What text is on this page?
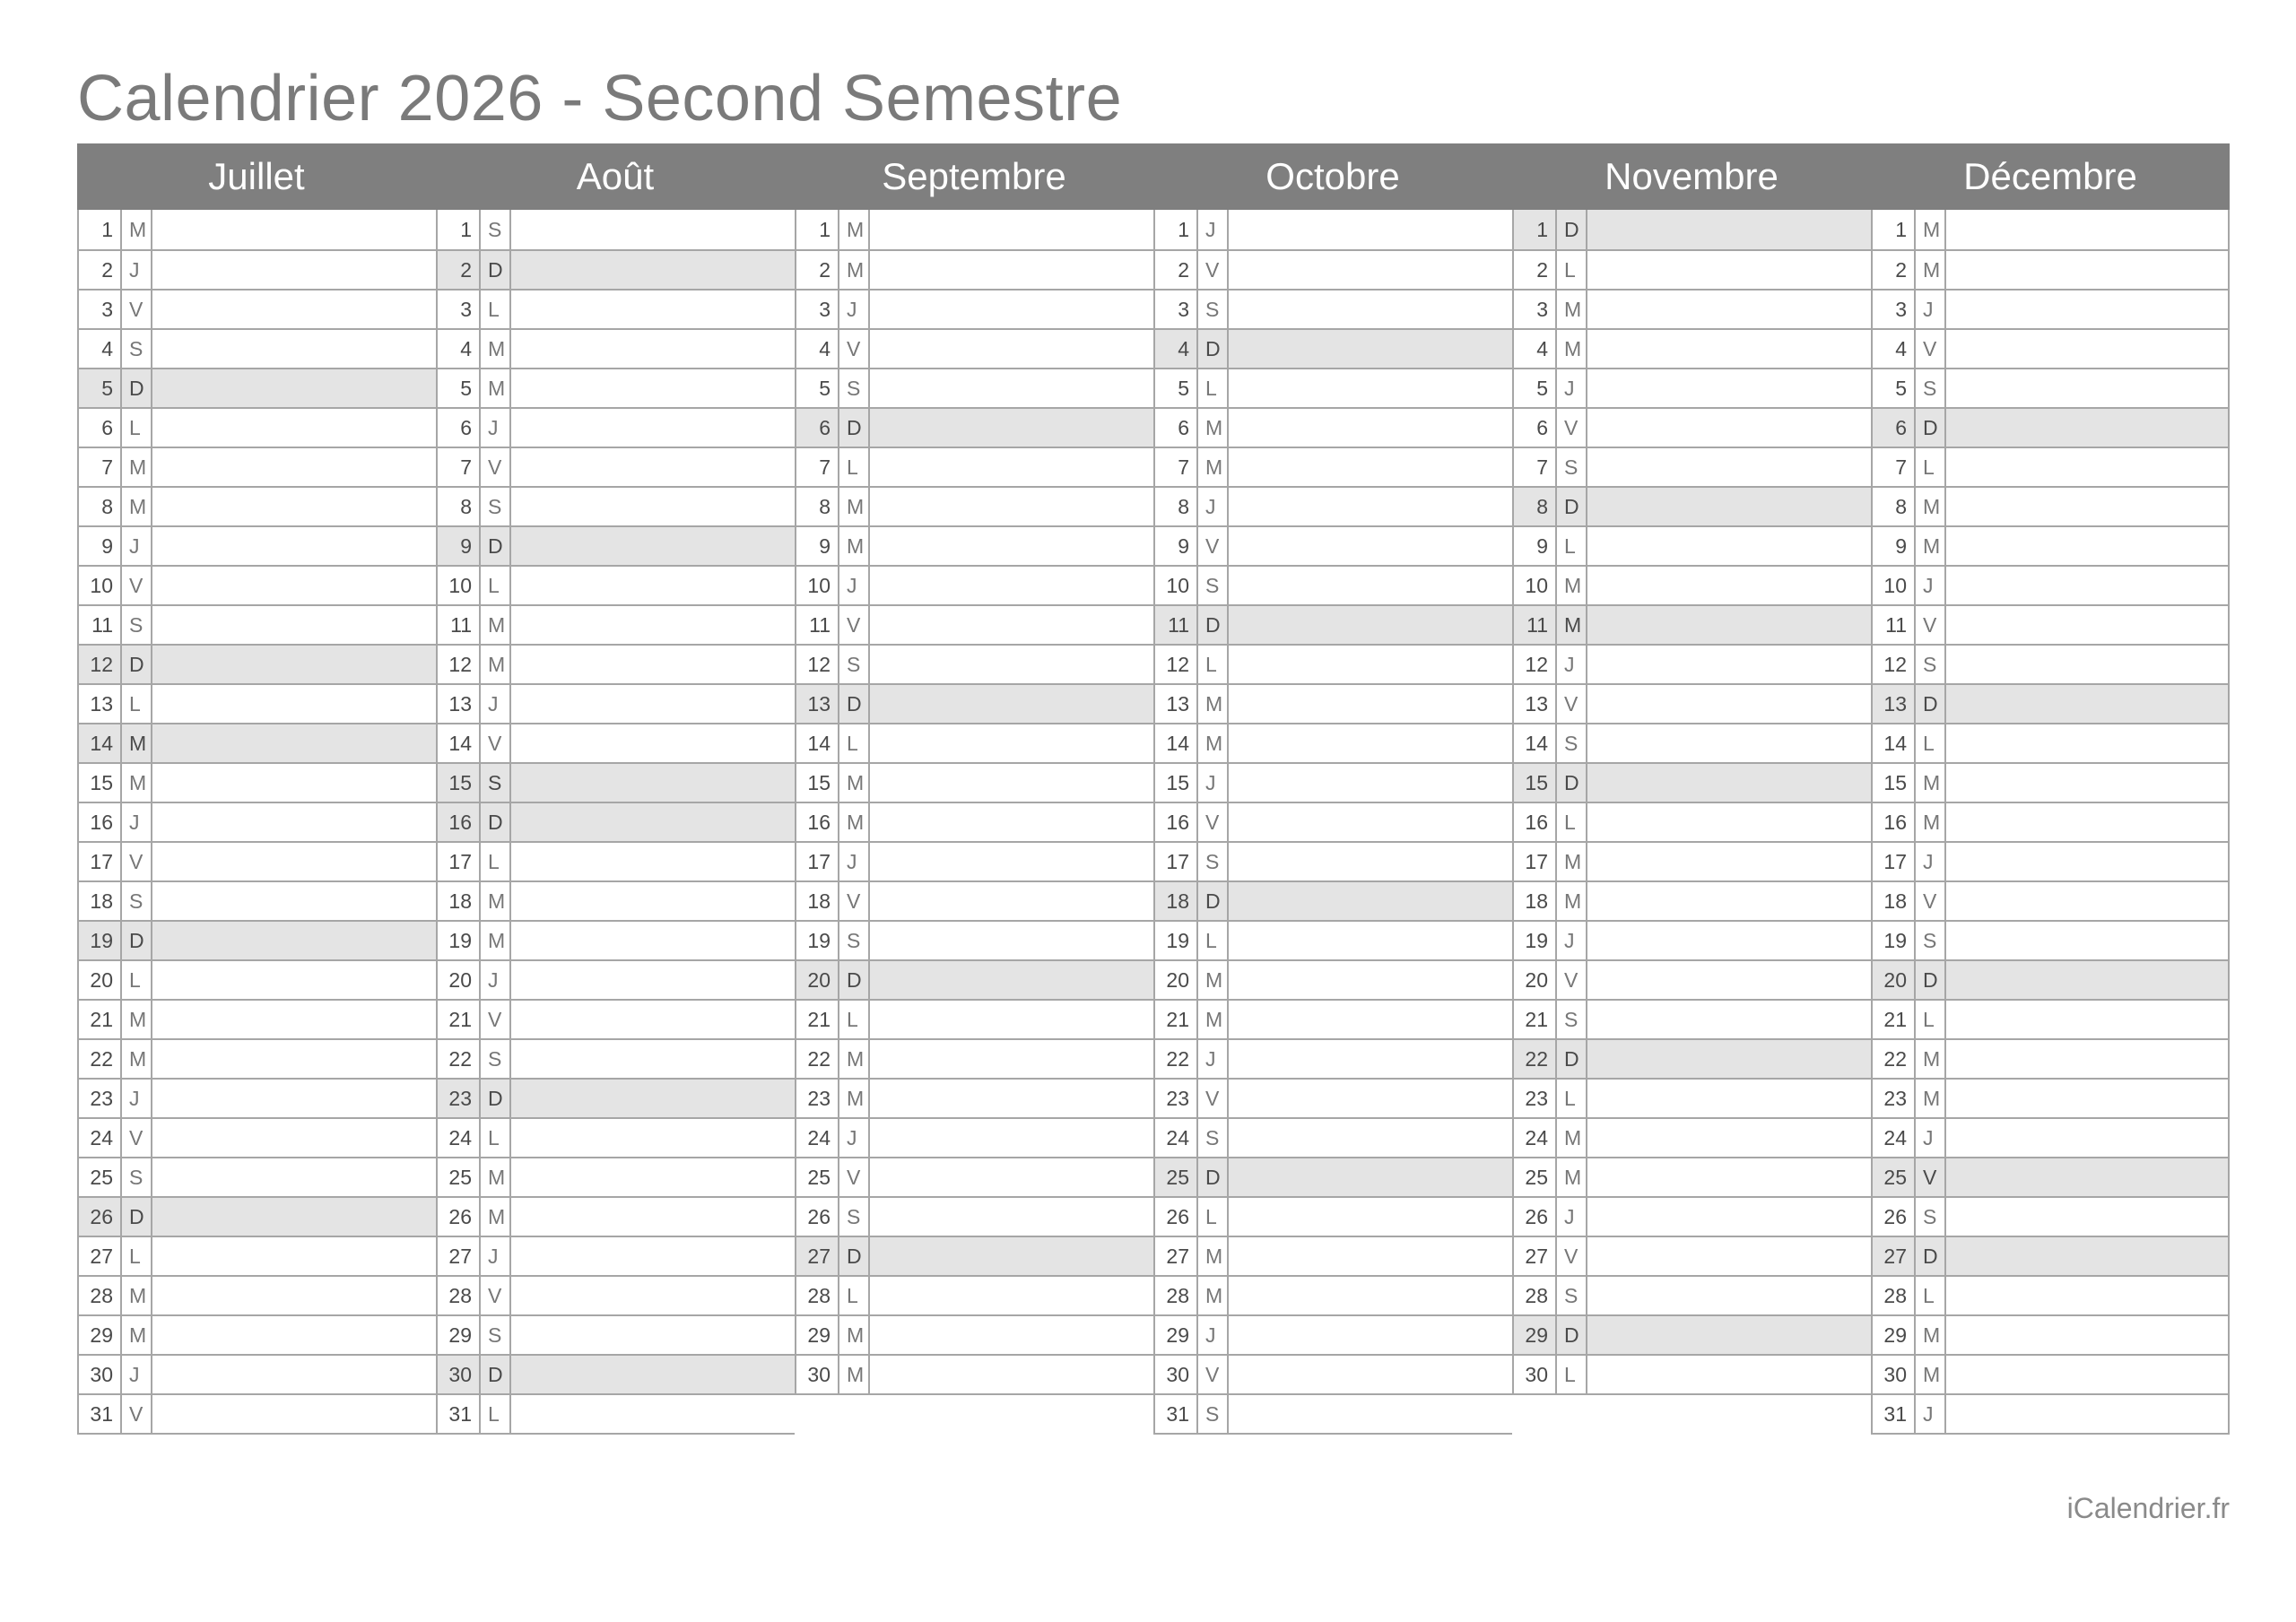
Calendrier 2026 - Second Semestre
Juillet
1 M
2 J
3 V
4 S
5 D
6 L
7 M
8 M
9 J
10 V
11 S
12 D
13 L
14 M
15 M
16 J
17 V
18 S
19 D
20 L
21 M
22 M
23 J
24 V
25 S
26 D
27 L
28 M
29 M
30 J
31 V
Août
1 S
2 D
3 L
4 M
5 M
6 J
7 V
8 S
9 D
10 L
11 M
12 M
13 J
14 V
15 S
16 D
17 L
18 M
19 M
20 J
21 V
22 S
23 D
24 L
25 M
26 M
27 J
28 V
29 S
30 D
31 L
Septembre
1 M
2 M
3 J
4 V
5 S
6 D
7 L
8 M
9 M
10 J
11 V
12 S
13 D
14 L
15 M
16 M
17 J
18 V
19 S
20 D
21 L
22 M
23 M
24 J
25 V
26 S
27 D
28 L
29 M
30 M
Octobre
1 J
2 V
3 S
4 D
5 L
6 M
7 M
8 J
9 V
10 S
11 D
12 L
13 M
14 M
15 J
16 V
17 S
18 D
19 L
20 M
21 M
22 J
23 V
24 S
25 D
26 L
27 M
28 M
29 J
30 V
31 S
Novembre
1 D
2 L
3 M
4 M
5 J
6 V
7 S
8 D
9 L
10 M
11 M
12 J
13 V
14 S
15 D
16 L
17 M
18 M
19 J
20 V
21 S
22 D
23 L
24 M
25 M
26 J
27 V
28 S
29 D
30 L
Décembre
1 M
2 M
3 J
4 V
5 S
6 D
7 L
8 M
9 M
10 J
11 V
12 S
13 D
14 L
15 M
16 M
17 J
18 V
19 S
20 D
21 L
22 M
23 M
24 J
25 V
26 S
27 D
28 L
29 M
30 M
31 J
iCalendrier.fr
